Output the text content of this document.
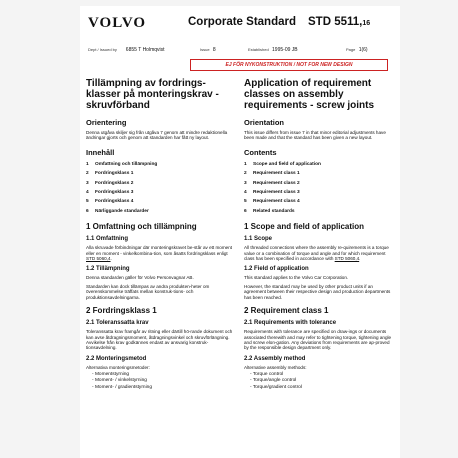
VOLVO	Corporate Standard STD 5511,16
Dept / Issued by 6855 T Holmqvist	Issue 8	Established 1995-09 JB	Page 1(6)
EJ FÖR NYKONSTRUKTION / NOT FOR NEW DESIGN
Tillämpning av fordrings-klasser på monteringskrav - skruvförband
Orientering
Denna utgåva skiljer sig från utgåva 7 genom att mindre redaktionella ändringar gjorts och genom att standarden har fått ny layout.
Innehåll
1	Omfattning och tillämpning
2	Fordringsklass 1
3	Fordringsklass 2
4	Fordringsklass 3
5	Fordringsklass 4
6	Närliggande standarder
1 Omfattning och tillämpning
1.1 Omfattning
Alla skruvade förbindningar där monteringskravet be-står av ett moment eller en moment - vinkelkombina-tion, som åsatts fordringsklass enligt STD 5060,4.
1.2 Tillämpning
Denna standarden gäller för Volvo Personvagnar AB.
Standarden kan dock tillämpas av andra produkten-heter om överenskommelse träffats mellan konstruk-tions- och produktionsavdelningarna.
2 Fordringsklass 1
2.1 Toleranssatta krav
Toleranssatta krav framgår av ritning eller därtill hö-rande dokument och kan avse åtdragningsmoment, åtdragningsvinkel och skruvförlängning. Avvikelse från krav godkännes endast av ansvarig konstruk-tionsavdelning.
2.2 Monteringsmetod
Alternativa monteringsmetoder:
- Momentstyrning
- Moment- / vinkelstyrning
- Moment- / gradientstyrning
Application of requirement classes on assembly requirements - screw joints
Orientation
This issue differs from issue 7 in that minor editorial adjustments have been made and that the standard has been given a new layout.
Contents
1	Scope and field of application
2	Requirement class 1
3	Requirement class 2
4	Requirement class 3
5	Requirement class 4
6	Related standards
1 Scope and field of application
1.1 Scope
All threaded connections where the assembly re-quirements is a torque value or a combination of torque and angle and for which requirement class has been specified in accordance with STD 5060,4.
1.2 Field of application
This standard applies to the Volvo Car Corporation.
However, the standard may be used by other product units if an agreement between their respective design and production departments has been reached.
2 Requirement class 1
2.1 Requirements with tolerance
Requirements with tolerance are specified on draw-ings or documents associated therewith and may refer to tightening torque, tightening angle and screw elon-gation. Any deviations from requirements are ap-proved by the responsible design department only.
2.2 Assembly method
Alternative assembly methods:
- Torque control
- Torque/angle control
- Torque/gradient control
